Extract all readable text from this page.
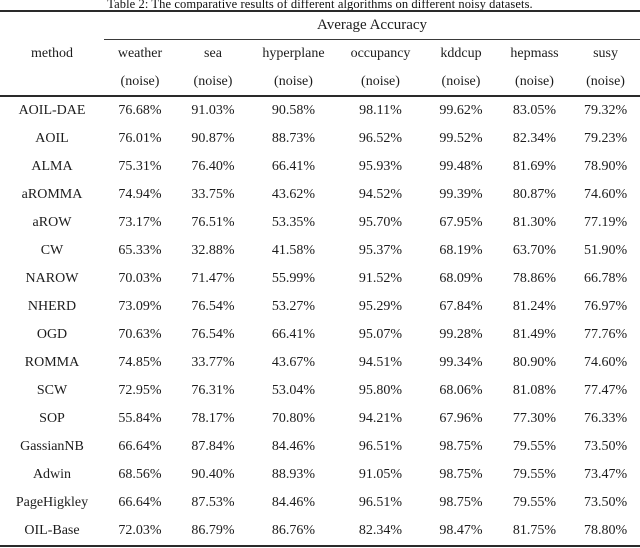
Table 2: The comparative results of different algorithms on different noisy datasets.
	Average Accuracy						
method	weather	sea	hyperplane	occupancy	kddcup	hepmass	susy
	(noise)	(noise)	(noise)	(noise)	(noise)	(noise)	(noise)
AOIL-DAE	76.68%	91.03%	90.58%	98.11%	99.62%	83.05%	79.32%
AOIL	76.01%	90.87%	88.73%	96.52%	99.52%	82.34%	79.23%
ALMA	75.31%	76.40%	66.41%	95.93%	99.48%	81.69%	78.90%
aROMMA	74.94%	33.75%	43.62%	94.52%	99.39%	80.87%	74.60%
aROW	73.17%	76.51%	53.35%	95.70%	67.95%	81.30%	77.19%
CW	65.33%	32.88%	41.58%	95.37%	68.19%	63.70%	51.90%
NAROW	70.03%	71.47%	55.99%	91.52%	68.09%	78.86%	66.78%
NHERD	73.09%	76.54%	53.27%	95.29%	67.84%	81.24%	76.97%
OGD	70.63%	76.54%	66.41%	95.07%	99.28%	81.49%	77.76%
ROMMA	74.85%	33.77%	43.67%	94.51%	99.34%	80.90%	74.60%
SCW	72.95%	76.31%	53.04%	95.80%	68.06%	81.08%	77.47%
SOP	55.84%	78.17%	70.80%	94.21%	67.96%	77.30%	76.33%
GassianNB	66.64%	87.84%	84.46%	96.51%	98.75%	79.55%	73.50%
Adwin	68.56%	90.40%	88.93%	91.05%	98.75%	79.55%	73.47%
PageHigkley	66.64%	87.53%	84.46%	96.51%	98.75%	79.55%	73.50%
OIL-Base	72.03%	86.79%	86.76%	82.34%	98.47%	81.75%	78.80%
